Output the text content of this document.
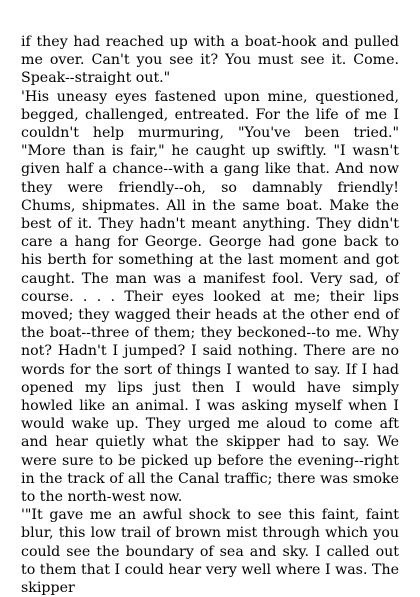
if they had reached up with a boat-hook and pulled me over. Can't you see it? You must see it. Come. Speak--straight out."

'His uneasy eyes fastened upon mine, questioned, begged, challenged, entreated. For the life of me I couldn't help murmuring, "You've been tried." "More than is fair," he caught up swiftly. "I wasn't given half a chance--with a gang like that. And now they were friendly--oh, so damnably friendly! Chums, shipmates. All in the same boat. Make the best of it. They hadn't meant anything. They didn't care a hang for George. George had gone back to his berth for something at the last moment and got caught. The man was a manifest fool. Very sad, of course. . . . Their eyes looked at me; their lips moved; they wagged their heads at the other end of the boat--three of them; they beckoned--to me. Why not? Hadn't I jumped? I said nothing. There are no words for the sort of things I wanted to say. If I had opened my lips just then I would have simply howled like an animal. I was asking myself when I would wake up. They urged me aloud to come aft and hear quietly what the skipper had to say. We were sure to be picked up before the evening--right in the track of all the Canal traffic; there was smoke to the north-west now.

'"It gave me an awful shock to see this faint, faint blur, this low trail of brown mist through which you could see the boundary of sea and sky. I called out to them that I could hear very well where I was. The skipper
